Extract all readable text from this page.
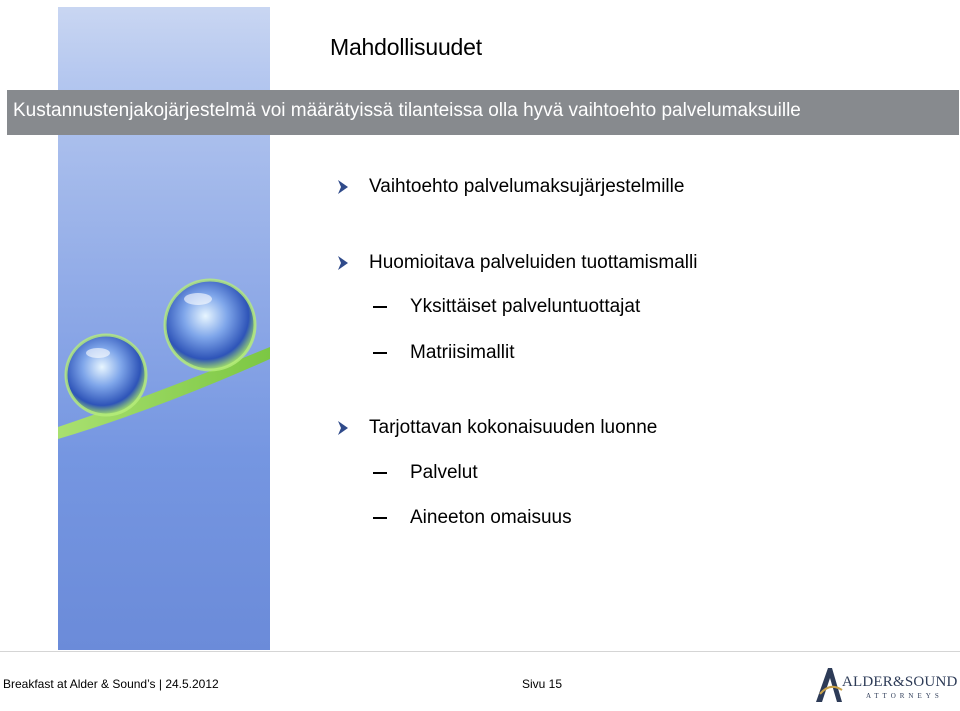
Mahdollisuudet
Kustannustenjakojärjestelmä voi määrätyissä tilanteissa olla hyvä vaihtoehto palvelumaksuille
Vaihtoehto palvelumaksujärjestelmille
Huomioitava palveluiden tuottamismalli
Yksittäiset palveluntuottajat
Matriisimallit
Tarjottavan kokonaisuuden luonne
Palvelut
Aineeton omaisuus
Breakfast at Alder & Sound’s | 24.5.2012	Sivu 15	ALDER&SOUND
ATTORNEYS
